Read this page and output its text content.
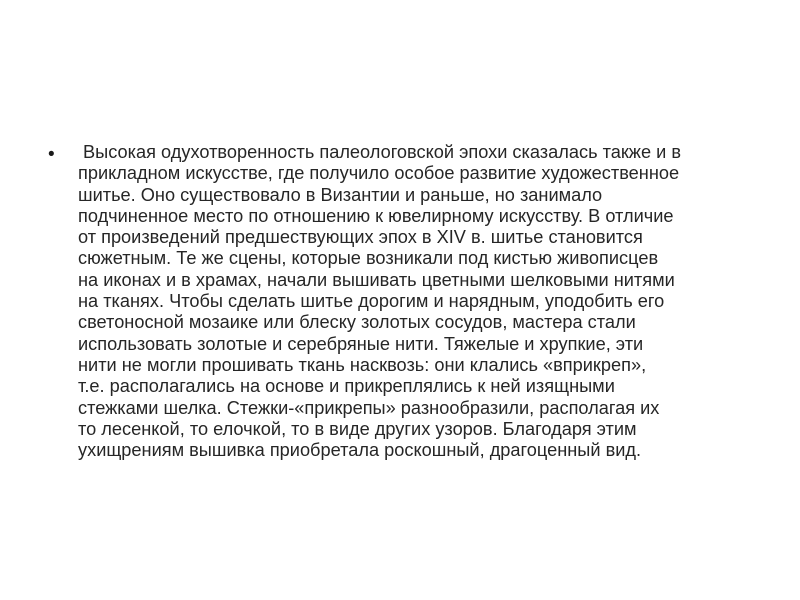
• Высокая одухотворенность палеологовской эпохи сказалась также и в
прикладном искусстве, где получило особое развитие художественное
шитье. Оно существовало в Византии и раньше, но занимало
подчиненное место по отношению к ювелирному искусству. В отличие
от произведений предшествующих эпох в XIV в. шитье становится
сюжетным. Те же сцены, которые возникали под кистью живописцев
на иконах и в храмах, начали вышивать цветными шелковыми нитями
на тканях. Чтобы сделать шитье дорогим и нарядным, уподобить его
светоносной мозаике или блеску золотых сосудов, мастера стали
использовать золотые и серебряные нити. Тяжелые и хрупкие, эти
нити не могли прошивать ткань насквозь: они клались «вприкреп»,
т.е. располагались на основе и прикреплялись к ней изящными
стежками шелка. Стежки-«прикрепы» разнообразили, располагая их
то лесенкой, то елочкой, то в виде других узоров. Благодаря этим
ухищрениям вышивка приобретала роскошный, драгоценный вид.
